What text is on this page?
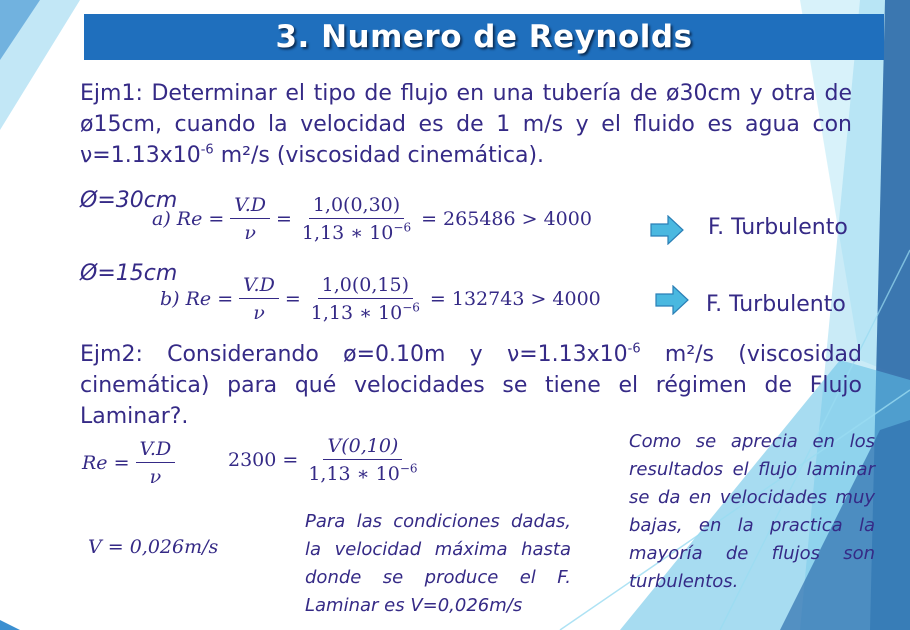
3. Numero de Reynolds
Ejm1: Determinar el tipo de flujo en una tubería de ø30cm y otra de
ø15cm, cuando la velocidad es de 1 m/s y el fluido es agua con
$\nu=1.13x10^{-6}$ m²/s (viscosidad cinemática).
Ø=30cm
Ø=15cm
a) $Re = \frac{V.D}{\nu} = \frac{1,0(0,30)}{1,13 ∗ 10^{-6}} = 265486 > 4000$
b) $Re = \frac{V.D}{\nu} = \frac{1,0(0,15)}{1,13 ∗ 10^{-6}} = 132743 > 4000$
F. Turbulento
F. Turbulento
Ejm2: Considerando ø=0.10m y $\nu=1.13x10^{-6}$ m²/s (viscosidad
cinemática) para qué velocidades se tiene el régimen de Flujo
Laminar?.
$Re = \frac{V.D}{\nu}$	$2300 = \frac{V(0,10)}{1,13 ∗ 10^{-6}}$
V = 0,026m/s
Para las condiciones dadas,
la velocidad máxima hasta
donde se produce el F.
Laminar es V=0,026m/s
Como se aprecia en los
resultados el flujo laminar
se da en velocidades muy
bajas, en la practica la
mayoría de flujos son
turbulentos.
